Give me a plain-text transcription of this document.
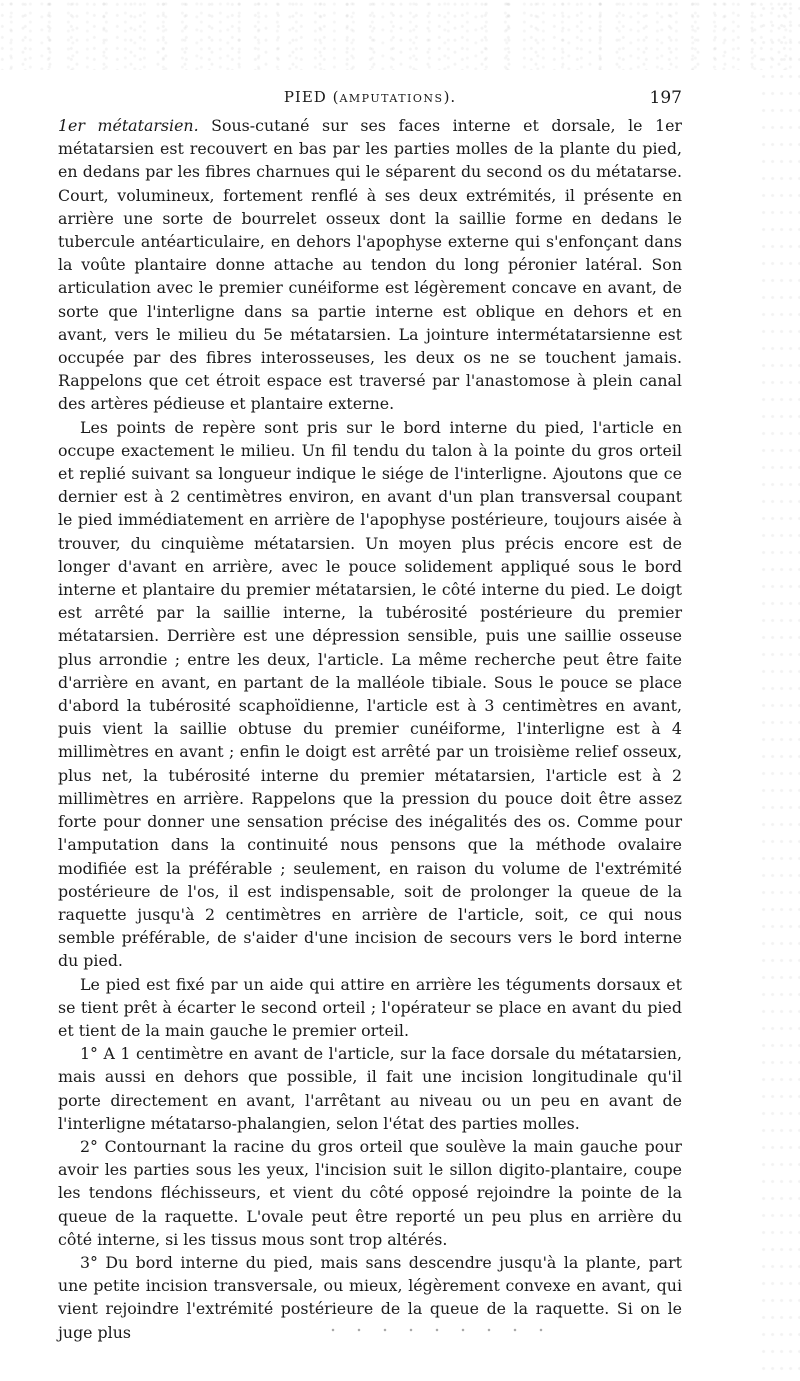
PIED (AMPUTATIONS).	197

1er métatarsien. Sous-cutané sur ses faces interne et dorsale, le 1er métatarsien est recouvert en bas par les parties molles de la plante du pied, en dedans par les fibres charnues qui le séparent du second os du métatarse. Court, volumineux, fortement renflé à ses deux extrémités, il présente en arrière une sorte de bourrelet osseux dont la saillie forme en dedans le tubercule antéarticulaire, en dehors l'apophyse externe qui s'enfonçant dans la voûte plantaire donne attache au tendon du long péronier latéral. Son articulation avec le premier cunéiforme est légèrement concave en avant, de sorte que l'interligne dans sa partie interne est oblique en dehors et en avant, vers le milieu du 5e métatarsien. La jointure intermétatarsienne est occupée par des fibres interosseuses, les deux os ne se touchent jamais. Rappelons que cet étroit espace est traversé par l'anastomose à plein canal des artères pédieuse et plantaire externe.

Les points de repère sont pris sur le bord interne du pied, l'article en occupe exactement le milieu. Un fil tendu du talon à la pointe du gros orteil et replié suivant sa longueur indique le siége de l'interligne. Ajoutons que ce dernier est à 2 centimètres environ, en avant d'un plan transversal coupant le pied immédiatement en arrière de l'apophyse postérieure, toujours aisée à trouver, du cinquième métatarsien. Un moyen plus précis encore est de longer d'avant en arrière, avec le pouce solidement appliqué sous le bord interne et plantaire du premier métatarsien, le côté interne du pied. Le doigt est arrêté par la saillie interne, la tubérosité postérieure du premier métatarsien. Derrière est une dépression sensible, puis une saillie osseuse plus arrondie ; entre les deux, l'article. La même recherche peut être faite d'arrière en avant, en partant de la malléole tibiale. Sous le pouce se place d'abord la tubérosité scaphoïdienne, l'article est à 3 centimètres en avant, puis vient la saillie obtuse du premier cunéiforme, l'interligne est à 4 millimètres en avant ; enfin le doigt est arrêté par un troisième relief osseux, plus net, la tubérosité interne du premier métatarsien, l'article est à 2 millimètres en arrière. Rappelons que la pression du pouce doit être assez forte pour donner une sensation précise des inégalités des os. Comme pour l'amputation dans la continuité nous pensons que la méthode ovalaire modifiée est la préférable ; seulement, en raison du volume de l'extrémité postérieure de l'os, il est indispensable, soit de prolonger la queue de la raquette jusqu'à 2 centimètres en arrière de l'article, soit, ce qui nous semble préférable, de s'aider d'une incision de secours vers le bord interne du pied.

Le pied est fixé par un aide qui attire en arrière les téguments dorsaux et se tient prêt à écarter le second orteil ; l'opérateur se place en avant du pied et tient de la main gauche le premier orteil.

1° A 1 centimètre en avant de l'article, sur la face dorsale du métatarsien, mais aussi en dehors que possible, il fait une incision longitudinale qu'il porte directement en avant, l'arrêtant au niveau ou un peu en avant de l'interligne métatarso-phalangien, selon l'état des parties molles.

2° Contournant la racine du gros orteil que soulève la main gauche pour avoir les parties sous les yeux, l'incision suit le sillon digito-plantaire, coupe les tendons fléchisseurs, et vient du côté opposé rejoindre la pointe de la queue de la raquette. L'ovale peut être reporté un peu plus en arrière du côté interne, si les tissus mous sont trop altérés.

3° Du bord interne du pied, mais sans descendre jusqu'à la plante, part une petite incision transversale, ou mieux, légèrement convexe en avant, qui vient rejoindre l'extrémité postérieure de la queue de la raquette. Si on le juge plus
